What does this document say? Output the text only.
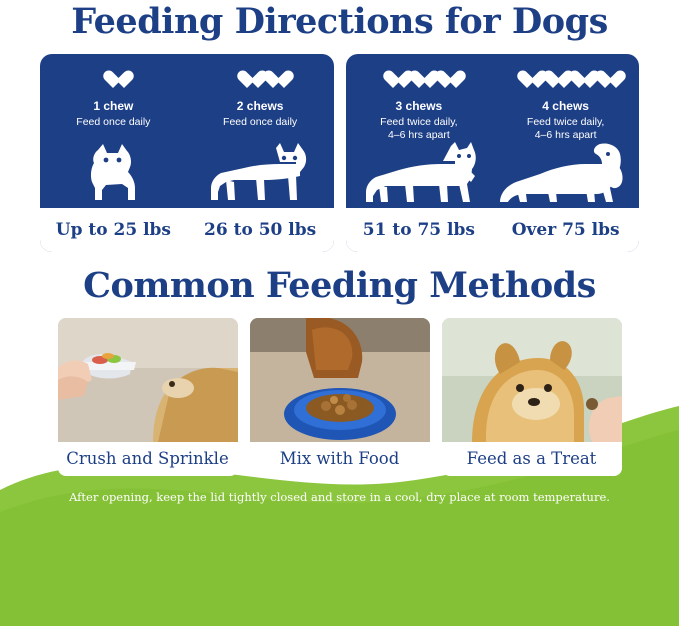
Feeding Directions for Dogs
1 chew
Feed once daily
2 chews
Feed once daily
Up to 25 lbs 26 to 50 lbs
3 chews
Feed twice daily,
4–6 hrs apart
4 chews
Feed twice daily,
4–6 hrs apart
51 to 75 lbs Over 75 lbs
Common Feeding Methods
Crush and Sprinkle	Mix with Food	Feed as a Treat
After opening, keep the lid tightly closed and store in a cool, dry place at room temperature.
